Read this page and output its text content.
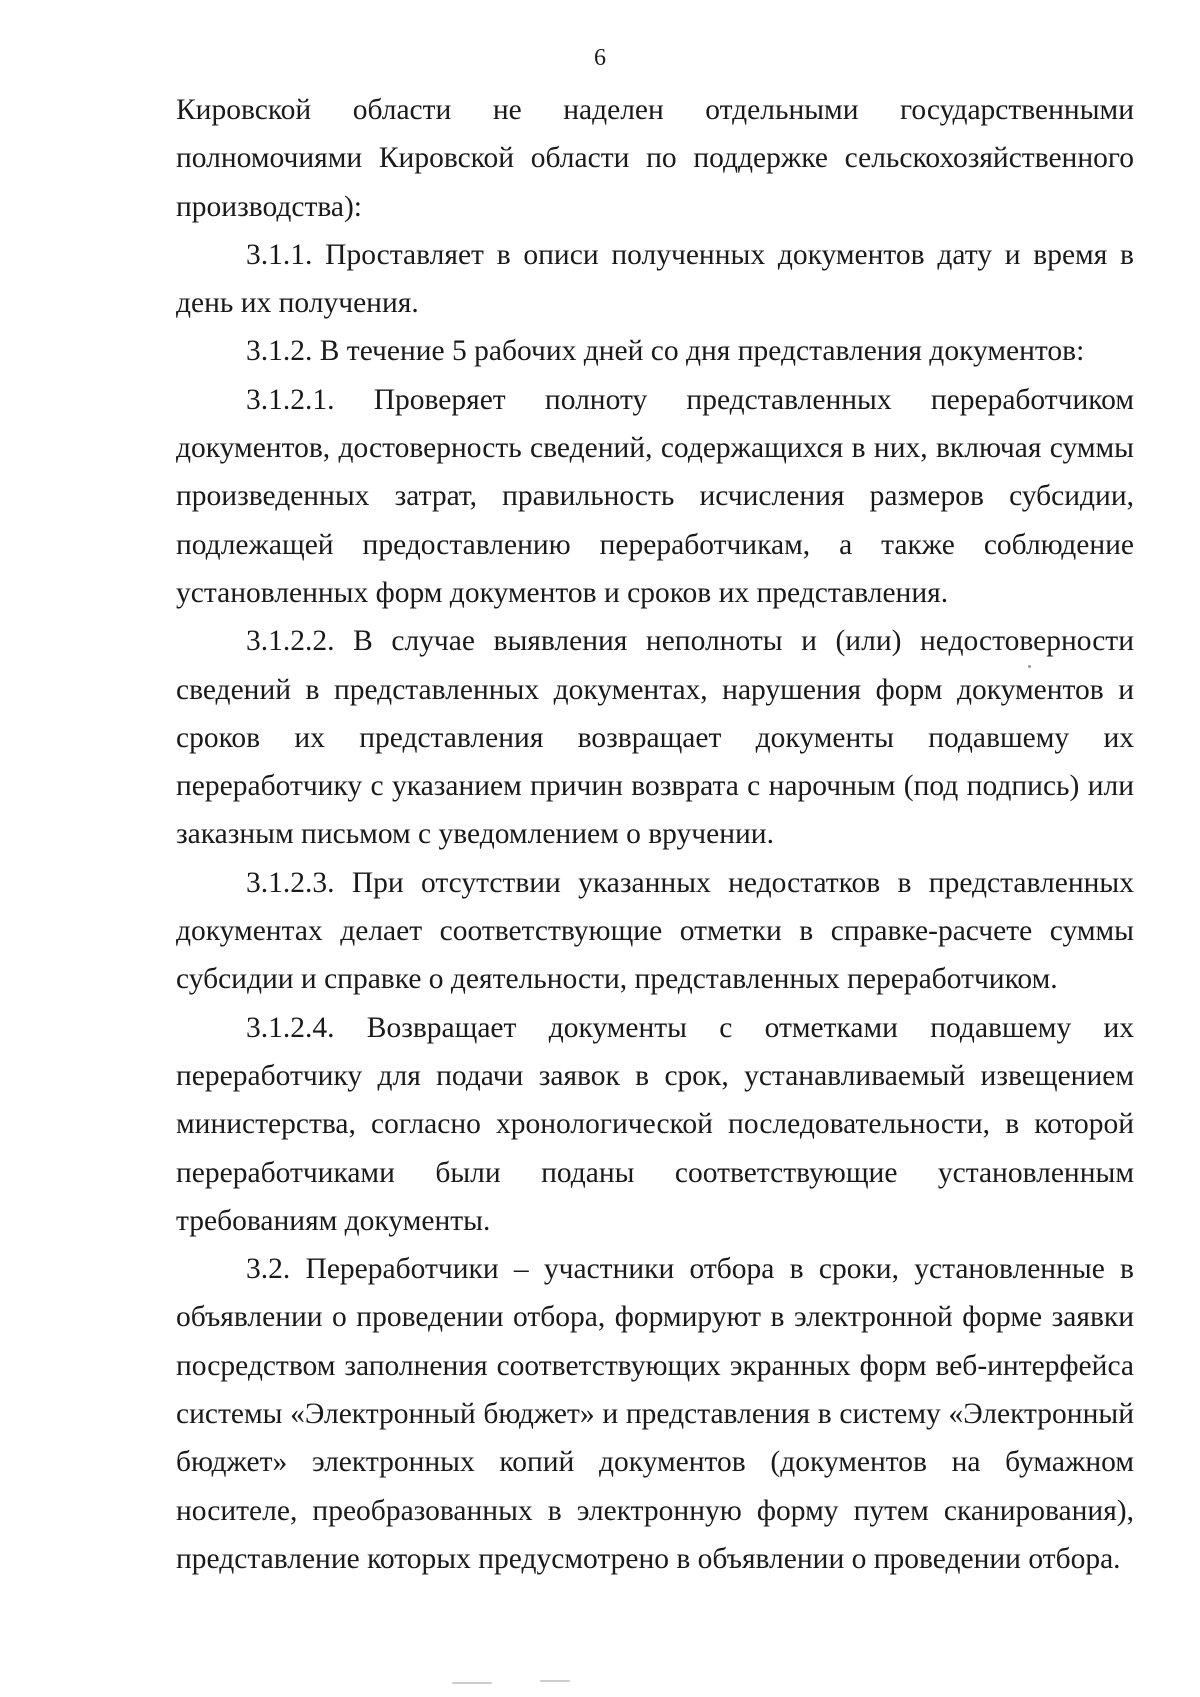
6

Кировской области не наделен отдельными государственными полномочиями Кировской области по поддержке сельскохозяйственного производства):

3.1.1. Проставляет в описи полученных документов дату и время в день их получения.

3.1.2. В течение 5 рабочих дней со дня представления документов:

3.1.2.1. Проверяет полноту представленных переработчиком документов, достоверность сведений, содержащихся в них, включая суммы произведенных затрат, правильность исчисления размеров субсидии, подлежащей предоставлению переработчикам, а также соблюдение установленных форм документов и сроков их представления.

3.1.2.2. В случае выявления неполноты и (или) недостоверности сведений в представленных документах, нарушения форм документов и сроков их представления возвращает документы подавшему их переработчику с указанием причин возврата с нарочным (под подпись) или заказным письмом с уведомлением о вручении.

3.1.2.3. При отсутствии указанных недостатков в представленных документах делает соответствующие отметки в справке-расчете суммы субсидии и справке о деятельности, представленных переработчиком.

3.1.2.4. Возвращает документы с отметками подавшему их переработчику для подачи заявок в срок, устанавливаемый извещением министерства, согласно хронологической последовательности, в которой переработчиками были поданы соответствующие установленным требованиям документы.

3.2. Переработчики – участники отбора в сроки, установленные в объявлении о проведении отбора, формируют в электронной форме заявки посредством заполнения соответствующих экранных форм веб-интерфейса системы «Электронный бюджет» и представления в систему «Электронный бюджет» электронных копий документов (документов на бумажном носителе, преобразованных в электронную форму путем сканирования), представление которых предусмотрено в объявлении о проведении отбора.
